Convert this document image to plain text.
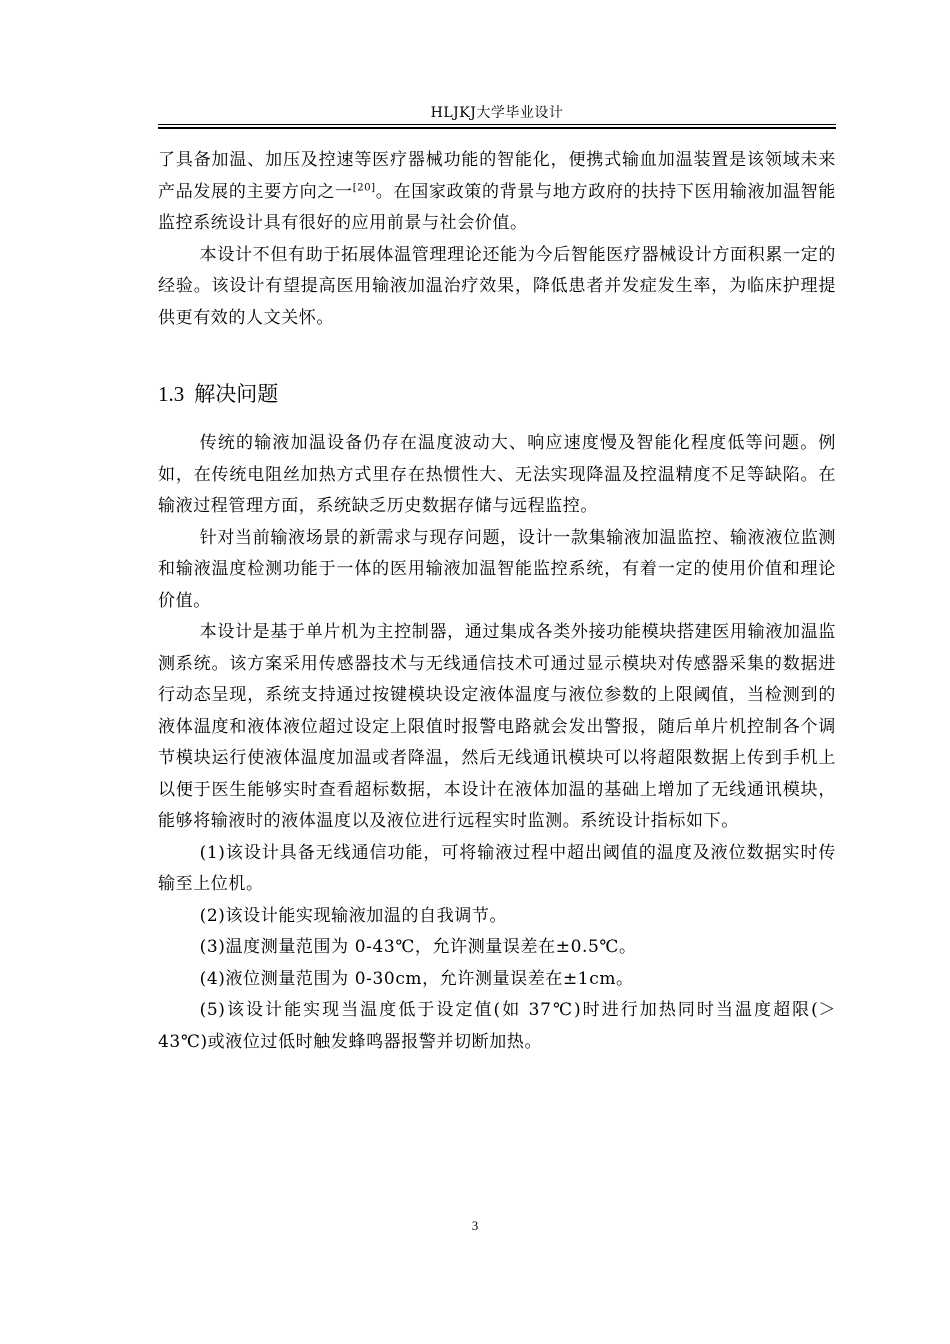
HLJKJ大学毕业设计

了具备加温、加压及控速等医疗器械功能的智能化，便携式输血加温装置是该领域未来产品发展的主要方向之一[20]。在国家政策的背景与地方政府的扶持下医用输液加温智能监控系统设计具有很好的应用前景与社会价值。

本设计不但有助于拓展体温管理理论还能为今后智能医疗器械设计方面积累一定的经验。该设计有望提高医用输液加温治疗效果，降低患者并发症发生率，为临床护理提供更有效的人文关怀。

1.3 解决问题

传统的输液加温设备仍存在温度波动大、响应速度慢及智能化程度低等问题。例如，在传统电阻丝加热方式里存在热惯性大、无法实现降温及控温精度不足等缺陷。在输液过程管理方面，系统缺乏历史数据存储与远程监控。

针对当前输液场景的新需求与现存问题，设计一款集输液加温监控、输液液位监测和输液温度检测功能于一体的医用输液加温智能监控系统，有着一定的使用价值和理论价值。

本设计是基于单片机为主控制器，通过集成各类外接功能模块搭建医用输液加温监测系统。该方案采用传感器技术与无线通信技术可通过显示模块对传感器采集的数据进行动态呈现，系统支持通过按键模块设定液体温度与液位参数的上限阈值，当检测到的液体温度和液体液位超过设定上限值时报警电路就会发出警报，随后单片机控制各个调节模块运行使液体温度加温或者降温，然后无线通讯模块可以将超限数据上传到手机上以便于医生能够实时查看超标数据，本设计在液体加温的基础上增加了无线通讯模块，能够将输液时的液体温度以及液位进行远程实时监测。系统设计指标如下。

(1)该设计具备无线通信功能，可将输液过程中超出阈值的温度及液位数据实时传输至上位机。

(2)该设计能实现输液加温的自我调节。

(3)温度测量范围为 0-43℃，允许测量误差在±0.5℃。

(4)液位测量范围为 0-30cm，允许测量误差在±1cm。

(5)该设计能实现当温度低于设定值(如 37℃)时进行加热同时当温度超限(＞43℃)或液位过低时触发蜂鸣器报警并切断加热。

3
